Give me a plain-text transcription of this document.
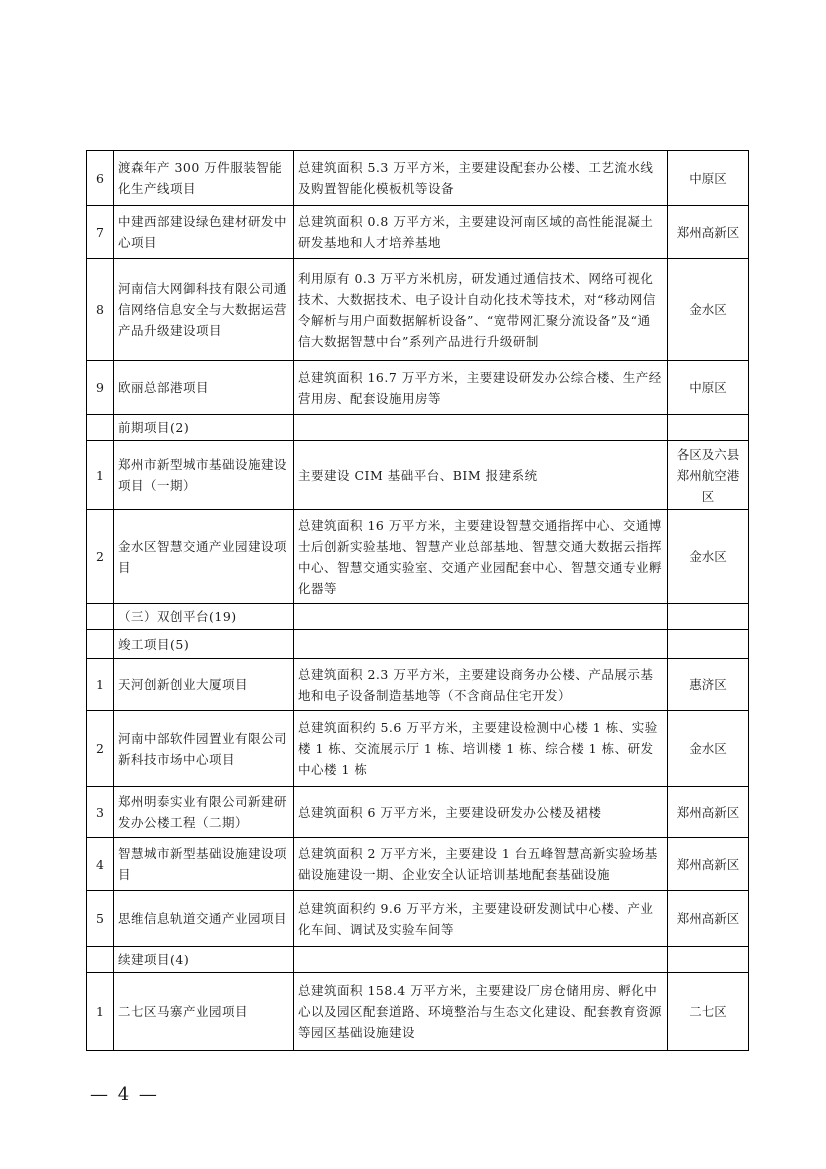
6	渡森年产 300 万件服装智能化生产线项目	总建筑面积 5.3 万平方米，主要建设配套办公楼、工艺流水线及购置智能化模板机等设备	中原区
7	中建西部建设绿色建材研发中心项目	总建筑面积 0.8 万平方米，主要建设河南区域的高性能混凝土研发基地和人才培养基地	郑州高新区
8	河南信大网御科技有限公司通信网络信息安全与大数据运营产品升级建设项目	利用原有 0.3 万平方米机房，研发通过通信技术、网络可视化技术、大数据技术、电子设计自动化技术等技术，对“移动网信令解析与用户面数据解析设备”、“宽带网汇聚分流设备”及“通信大数据智慧中台”系列产品进行升级研制	金水区
9	欧丽总部港项目	总建筑面积 16.7 万平方米，主要建设研发办公综合楼、生产经营用房、配套设施用房等	中原区
	前期项目(2)		
1	郑州市新型城市基础设施建设项目（一期）	主要建设 CIM 基础平台、BIM 报建系统	各区及六县郑州航空港区
2	金水区智慧交通产业园建设项目	总建筑面积 16 万平方米，主要建设智慧交通指挥中心、交通博士后创新实验基地、智慧产业总部基地、智慧交通大数据云指挥中心、智慧交通实验室、交通产业园配套中心、智慧交通专业孵化器等	金水区
	（三）双创平台(19)		
	竣工项目(5)		
1	天河创新创业大厦项目	总建筑面积 2.3 万平方米，主要建设商务办公楼、产品展示基地和电子设备制造基地等（不含商品住宅开发）	惠济区
2	河南中部软件园置业有限公司新科技市场中心项目	总建筑面积约 5.6 万平方米，主要建设检测中心楼 1 栋、实验楼 1 栋、交流展示厅 1 栋、培训楼 1 栋、综合楼 1 栋、研发中心楼 1 栋	金水区
3	郑州明泰实业有限公司新建研发办公楼工程（二期）	总建筑面积 6 万平方米，主要建设研发办公楼及裙楼	郑州高新区
4	智慧城市新型基础设施建设项目	总建筑面积 2 万平方米，主要建设 1 台五峰智慧高新实验场基础设施建设一期、企业安全认证培训基地配套基础设施	郑州高新区
5	思维信息轨道交通产业园项目	总建筑面积约 9.6 万平方米，主要建设研发测试中心楼、产业化车间、调试及实验车间等	郑州高新区
	续建项目(4)		
1	二七区马寨产业园项目	总建筑面积 158.4 万平方米，主要建设厂房仓储用房、孵化中心以及园区配套道路、环境整治与生态文化建设、配套教育资源等园区基础设施建设	二七区
— 4 —
